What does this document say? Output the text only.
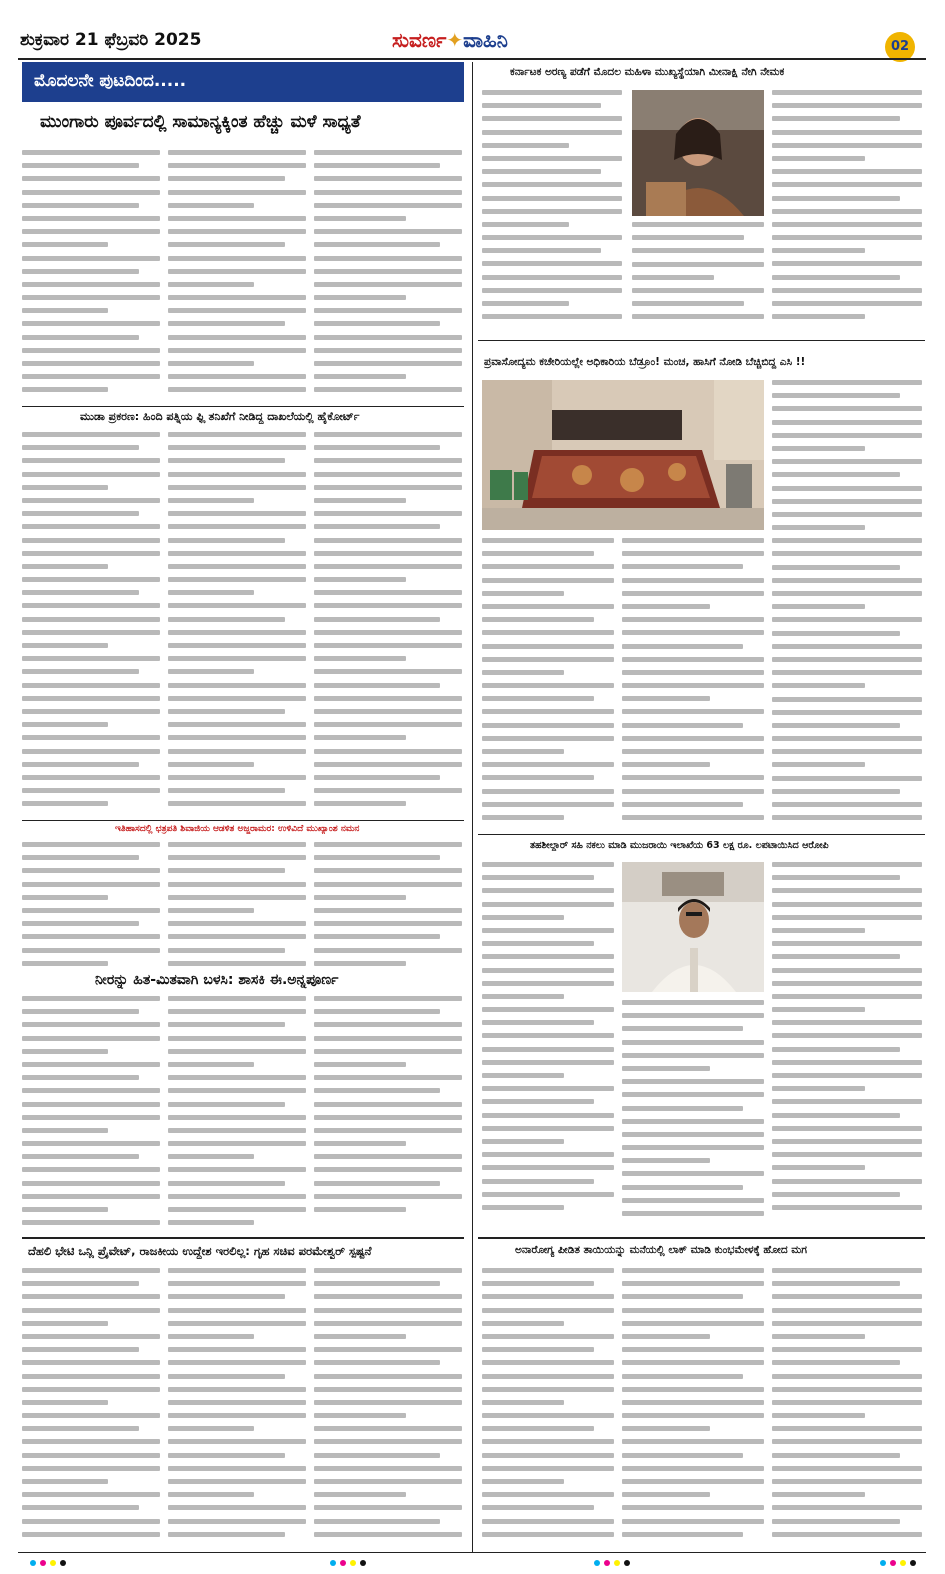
ಶುಕ್ರವಾರ 21 ಫೆಬ್ರವರಿ 2025	ಸುವರ್ಣ✦ವಾಹಿನಿ	02
ಮೊದಲನೇ ಪುಟದಿಂದ.....
ಮುಂಗಾರು ಪೂರ್ವದಲ್ಲಿ ಸಾಮಾನ್ಯಕ್ಕಿಂತ ಹೆಚ್ಚು ಮಳೆ ಸಾಧ್ಯತೆ
ಮುಡಾ ಪ್ರಕರಣ: ಹಿಂದಿ ಪತ್ನಿಯ ಫ್ಲಿ ತನಿಖೆಗೆ ನೀಡಿದ್ದ ದಾಖಲೆಯಲ್ಲಿ ಹೈಕೋರ್ಟ್
ಇತಿಹಾಸದಲ್ಲಿ ಛತ್ರಪತಿ ಶಿವಾಜಿಯ ಆಡಳಿತ ಅಜ್ಜರಾಮರ: ಉಳಿವಿದೆ ಮುಖ್ಯಾಂಶ ನಮನ
ನೀರನ್ನು ಹಿತ-ಮಿತವಾಗಿ ಬಳಸಿ: ಶಾಸಕಿ ಈ.ಅನ್ನಪೂರ್ಣ
ದೆಹಲಿ ಭೇಟಿ ಒನ್ಲಿ ಪ್ರೈವೇಟ್, ರಾಜಕೀಯ ಉದ್ದೇಶ ಇರಲಿಲ್ಲ: ಗೃಹ ಸಚಿವ ಪರಮೇಶ್ವರ್ ಸ್ಪಷ್ಟನೆ
ಕರ್ನಾಟಕ ಅರಣ್ಯ ಪಡೆಗೆ ಮೊದಲ ಮಹಿಳಾ ಮುಖ್ಯಸ್ಥೆಯಾಗಿ ಮೀನಾಕ್ಷಿ ನೇಗಿ ನೇಮಕ
ಪ್ರವಾಸೋದ್ಯಮ ಕಚೇರಿಯಲ್ಲೇ ಅಧಿಕಾರಿಯ ಬೆಡ್ರೂಂ! ಮಂಚ, ಹಾಸಿಗೆ ನೋಡಿ ಬೆಚ್ಚಿಬಿದ್ದ ಎಸಿ !!
ತಹಶೀಲ್ದಾರ್ ಸಹಿ ನಕಲು ಮಾಡಿ ಮುಜರಾಯಿ ಇಲಾಖೆಯ 63 ಲಕ್ಷ ರೂ. ಲಪಟಾಯಿಸಿದ ಆರೋಪಿ
ಅನಾರೋಗ್ಯ ಪೀಡಿತ ತಾಯಿಯನ್ನು ಮನೆಯಲ್ಲಿ ಲಾಕ್ ಮಾಡಿ ಕುಂಭಮೇಳಕ್ಕೆ ಹೋದ ಮಗ
